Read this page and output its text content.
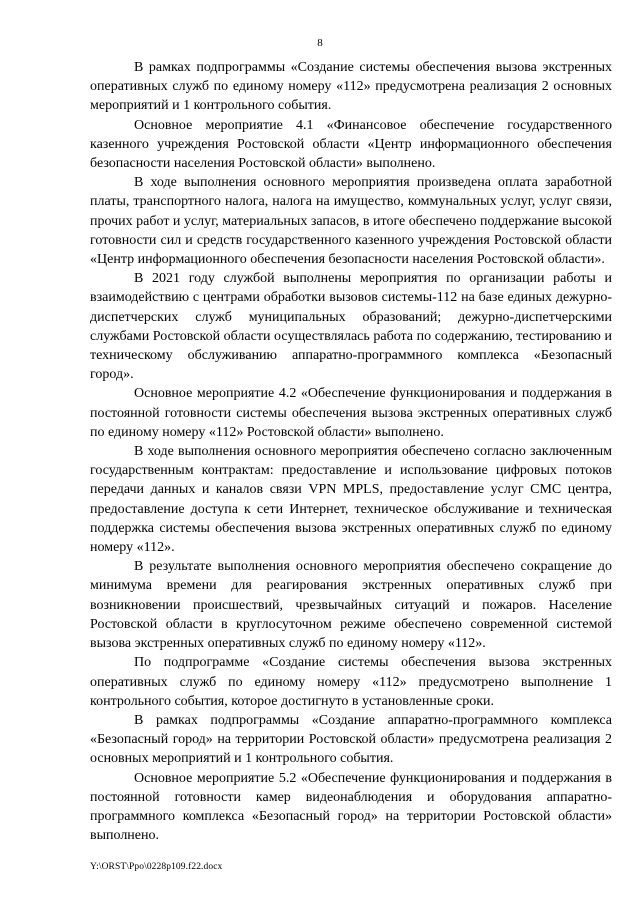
8

В рамках подпрограммы «Создание системы обеспечения вызова экстренных оперативных служб по единому номеру «112» предусмотрена реализация 2 основных мероприятий и 1 контрольного события.

Основное мероприятие 4.1 «Финансовое обеспечение государственного казенного учреждения Ростовской области «Центр информационного обеспечения безопасности населения Ростовской области» выполнено.

В ходе выполнения основного мероприятия произведена оплата заработной платы, транспортного налога, налога на имущество, коммунальных услуг, услуг связи, прочих работ и услуг, материальных запасов, в итоге обеспечено поддержание высокой готовности сил и средств государственного казенного учреждения Ростовской области «Центр информационного обеспечения безопасности населения Ростовской области».

В 2021 году службой выполнены мероприятия по организации работы и взаимодействию с центрами обработки вызовов системы-112 на базе единых дежурно-диспетчерских служб муниципальных образований; дежурно-диспетчерскими службами Ростовской области осуществлялась работа по содержанию, тестированию и техническому обслуживанию аппаратно-программного комплекса «Безопасный город».

Основное мероприятие 4.2 «Обеспечение функционирования и поддержания в постоянной готовности системы обеспечения вызова экстренных оперативных служб по единому номеру «112» Ростовской области» выполнено.

В ходе выполнения основного мероприятия обеспечено согласно заключенным государственным контрактам: предоставление и использование цифровых потоков передачи данных и каналов связи VPN MPLS, предоставление услуг СМС центра, предоставление доступа к сети Интернет, техническое обслуживание и техническая поддержка системы обеспечения вызова экстренных оперативных служб по единому номеру «112».

В результате выполнения основного мероприятия обеспечено сокращение до минимума времени для реагирования экстренных оперативных служб при возникновении происшествий, чрезвычайных ситуаций и пожаров. Население Ростовской области в круглосуточном режиме обеспечено современной системой вызова экстренных оперативных служб по единому номеру «112».

По подпрограмме «Создание системы обеспечения вызова экстренных оперативных служб по единому номеру «112» предусмотрено выполнение 1 контрольного события, которое достигнуто в установленные сроки.

В рамках подпрограммы «Создание аппаратно-программного комплекса «Безопасный город» на территории Ростовской области» предусмотрена реализация 2 основных мероприятий и 1 контрольного события.

Основное мероприятие 5.2 «Обеспечение функционирования и поддержания в постоянной готовности камер видеонаблюдения и оборудования аппаратно-программного комплекса «Безопасный город» на территории Ростовской области» выполнено.

Y:\ORST\Ppo\0228p109.f22.docx
